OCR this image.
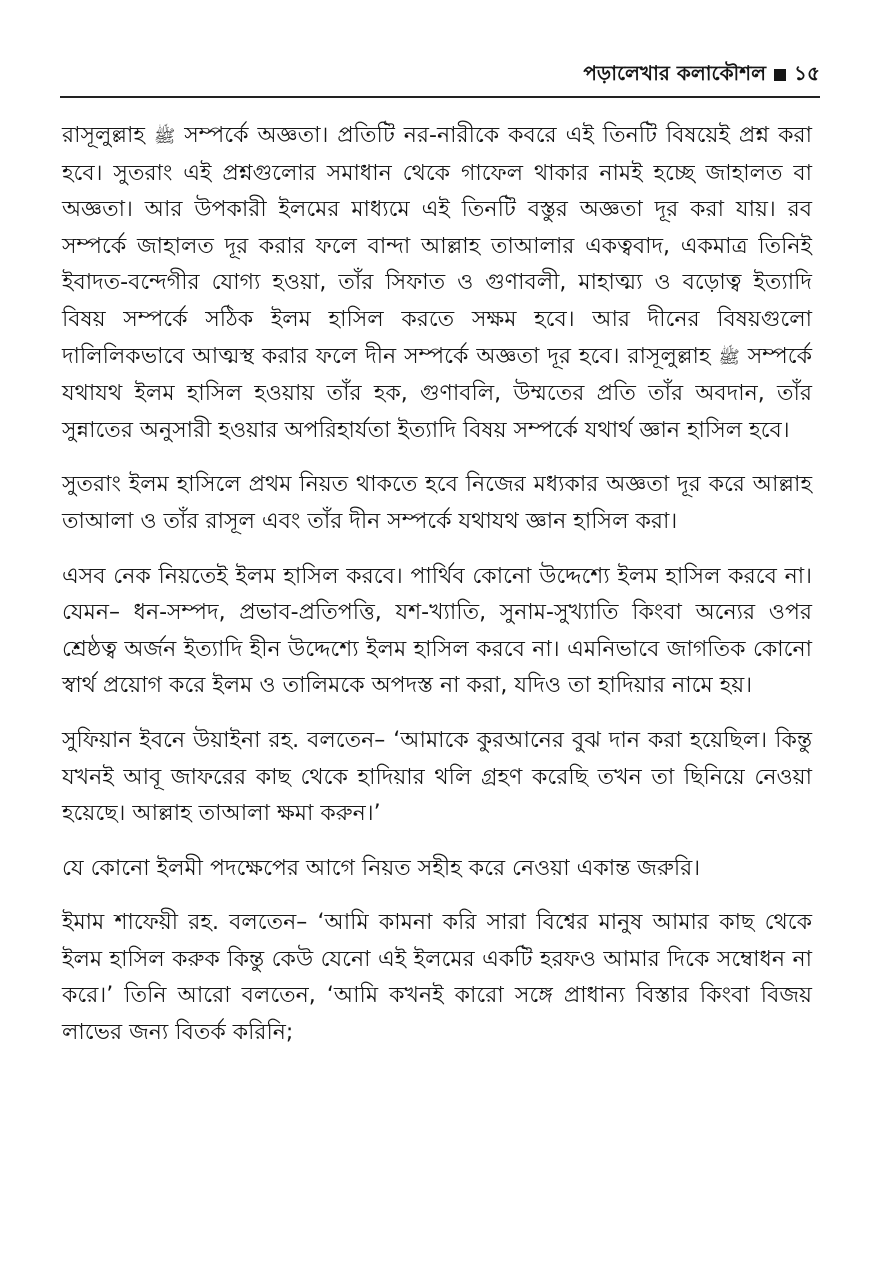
পড়ালেখার কলাকৌশল ১৫

রাসূলুল্লাহ ﷺ সম্পর্কে অজ্ঞতা। প্রতিটি নর-নারীকে কবরে এই তিনটি বিষয়েই প্রশ্ন করা হবে। সুতরাং এই প্রশ্নগুলোর সমাধান থেকে গাফেল থাকার নামই হচ্ছে জাহালত বা অজ্ঞতা। আর উপকারী ইলমের মাধ্যমে এই তিনটি বস্তুর অজ্ঞতা দূর করা যায়। রব সম্পর্কে জাহালত দূর করার ফলে বান্দা আল্লাহ তাআলার একত্ববাদ, একমাত্র তিনিই ইবাদত-বন্দেগীর যোগ্য হওয়া, তাঁর সিফাত ও গুণাবলী, মাহাত্ম্য ও বড়োত্ব ইত্যাদি বিষয় সম্পর্কে সঠিক ইলম হাসিল করতে সক্ষম হবে। আর দীনের বিষয়গুলো দালিলিকভাবে আত্মস্থ করার ফলে দীন সম্পর্কে অজ্ঞতা দূর হবে। রাসূলুল্লাহ ﷺ সম্পর্কে যথাযথ ইলম হাসিল হওয়ায় তাঁর হক, গুণাবলি, উম্মতের প্রতি তাঁর অবদান, তাঁর সুন্নাতের অনুসারী হওয়ার অপরিহার্যতা ইত্যাদি বিষয় সম্পর্কে যথার্থ জ্ঞান হাসিল হবে।

সুতরাং ইলম হাসিলে প্রথম নিয়ত থাকতে হবে নিজের মধ্যকার অজ্ঞতা দূর করে আল্লাহ তাআলা ও তাঁর রাসূল এবং তাঁর দীন সম্পর্কে যথাযথ জ্ঞান হাসিল করা।

এসব নেক নিয়তেই ইলম হাসিল করবে। পার্থিব কোনো উদ্দেশ্যে ইলম হাসিল করবে না। যেমন– ধন-সম্পদ, প্রভাব-প্রতিপত্তি, যশ-খ্যাতি, সুনাম-সুখ্যাতি কিংবা অন্যের ওপর শ্রেষ্ঠত্ব অর্জন ইত্যাদি হীন উদ্দেশ্যে ইলম হাসিল করবে না। এমনিভাবে জাগতিক কোনো স্বার্থ প্রয়োগ করে ইলম ও তালিমকে অপদস্ত না করা, যদিও তা হাদিয়ার নামে হয়।

সুফিয়ান ইবনে উয়াইনা রহ. বলতেন– ‘আমাকে কুরআনের বুঝ দান করা হয়েছিল। কিন্তু যখনই আবূ জাফরের কাছ থেকে হাদিয়ার থলি গ্রহণ করেছি তখন তা ছিনিয়ে নেওয়া হয়েছে। আল্লাহ তাআলা ক্ষমা করুন।’

যে কোনো ইলমী পদক্ষেপের আগে নিয়ত সহীহ করে নেওয়া একান্ত জরুরি।

ইমাম শাফেয়ী রহ. বলতেন– ‘আমি কামনা করি সারা বিশ্বের মানুষ আমার কাছ থেকে ইলম হাসিল করুক কিন্তু কেউ যেনো এই ইলমের একটি হরফও আমার দিকে সম্বোধন না করে।’ তিনি আরো বলতেন, ‘আমি কখনই কারো সঙ্গে প্রাধান্য বিস্তার কিংবা বিজয় লাভের জন্য বিতর্ক করিনি;
